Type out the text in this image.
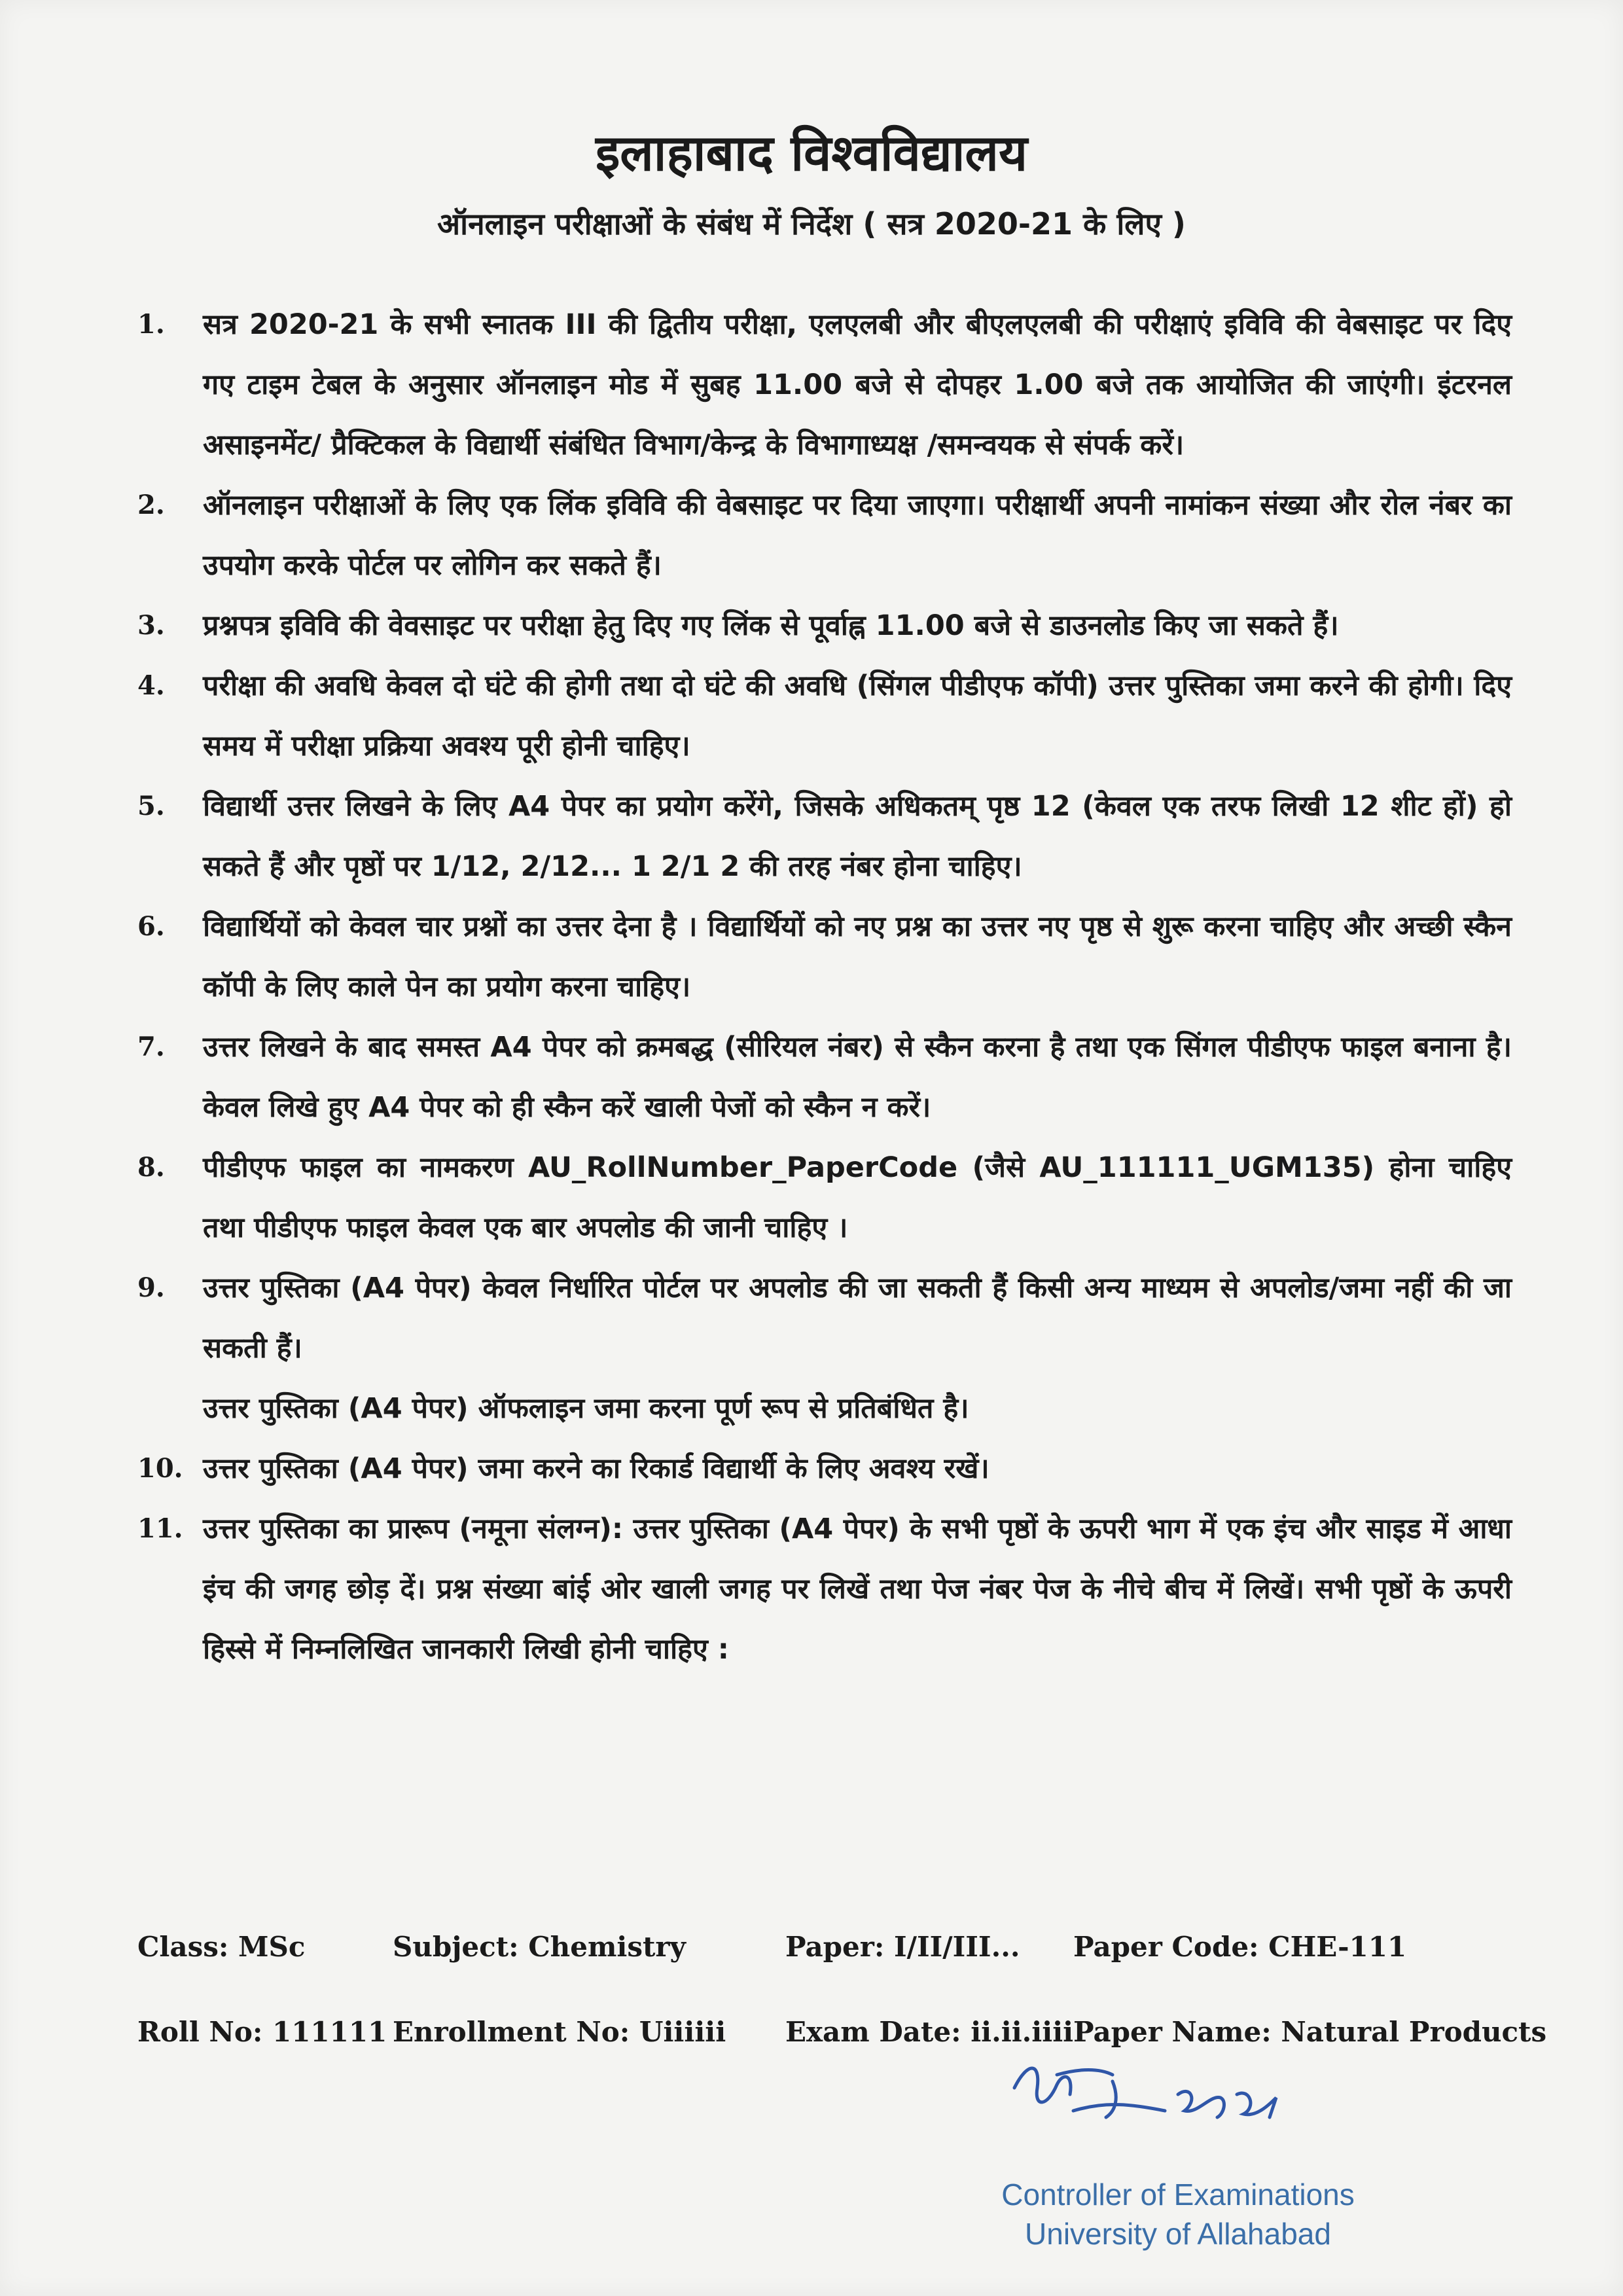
इलाहाबाद विश्वविद्यालय
ऑनलाइन परीक्षाओं के संबंध में निर्देश ( सत्र 2020-21 के लिए )
1. सत्र 2020-21 के सभी स्नातक III की द्वितीय परीक्षा, एलएलबी और बीएलएलबी की परीक्षाएं इविवि की वेबसाइट पर दिए गए टाइम टेबल के अनुसार ऑनलाइन मोड में सुबह 11.00 बजे से दोपहर 1.00 बजे तक आयोजित की जाएंगी। इंटरनल असाइनमेंट/ प्रैक्टिकल के विद्यार्थी संबंधित विभाग/केन्द्र के विभागाध्यक्ष /समन्वयक से संपर्क करें।
2. ऑनलाइन परीक्षाओं के लिए एक लिंक इविवि की वेबसाइट पर दिया जाएगा। परीक्षार्थी अपनी नामांकन संख्या और रोल नंबर का उपयोग करके पोर्टल पर लोगिन कर सकते हैं।
3. प्रश्नपत्र इविवि की वेवसाइट पर परीक्षा हेतु दिए गए लिंक से पूर्वाह्न 11.00 बजे से डाउनलोड किए जा सकते हैं।
4. परीक्षा की अवधि केवल दो घंटे की होगी तथा दो घंटे की अवधि (सिंगल पीडीएफ कॉपी) उत्तर पुस्तिका जमा करने की होगी। दिए समय में परीक्षा प्रक्रिया अवश्य पूरी होनी चाहिए।
5. विद्यार्थी उत्तर लिखने के लिए A4 पेपर का प्रयोग करेंगे, जिसके अधिकतम् पृष्ठ 12 (केवल एक तरफ लिखी 12 शीट हों) हो सकते हैं और पृष्ठों पर 1/12, 2/12... 1 2/1 2 की तरह नंबर होना चाहिए।
6. विद्यार्थियों को केवल चार प्रश्नों का उत्तर देना है । विद्यार्थियों को नए प्रश्न का उत्तर नए पृष्ठ से शुरू करना चाहिए और अच्छी स्कैन कॉपी के लिए काले पेन का प्रयोग करना चाहिए।
7. उत्तर लिखने के बाद समस्त A4 पेपर को क्रमबद्ध (सीरियल नंबर) से स्कैन करना है तथा एक सिंगल पीडीएफ फाइल बनाना है। केवल लिखे हुए A4 पेपर को ही स्कैन करें खाली पेजों को स्कैन न करें।
8. पीडीएफ फाइल का नामकरण AU_RollNumber_PaperCode (जैसे AU_111111_UGM135) होना चाहिए तथा पीडीएफ फाइल केवल एक बार अपलोड की जानी चाहिए ।
9. उत्तर पुस्तिका (A4 पेपर) केवल निर्धारित पोर्टल पर अपलोड की जा सकती हैं किसी अन्य माध्यम से अपलोड/जमा नहीं की जा सकती हैं।
उत्तर पुस्तिका (A4 पेपर) ऑफलाइन जमा करना पूर्ण रूप से प्रतिबंधित है।
10. उत्तर पुस्तिका (A4 पेपर) जमा करने का रिकार्ड विद्यार्थी के लिए अवश्य रखें।
11. उत्तर पुस्तिका का प्रारूप (नमूना संलग्न): उत्तर पुस्तिका (A4 पेपर) के सभी पृष्ठों के ऊपरी भाग में एक इंच और साइड में आधा इंच की जगह छोड़ दें। प्रश्न संख्या बांई ओर खाली जगह पर लिखें तथा पेज नंबर पेज के नीचे बीच में लिखें। सभी पृष्ठों के ऊपरी हिस्से में निम्नलिखित जानकारी लिखी होनी चाहिए :
Class: MSc	Subject: Chemistry	Paper: I/II/III... Paper Code: CHE-111
Roll No: 111111 Enrollment No: Uiiiiii Exam Date: ii.ii.iiii Paper Name: Natural Products
Controller of Examinations
University of Allahabad
